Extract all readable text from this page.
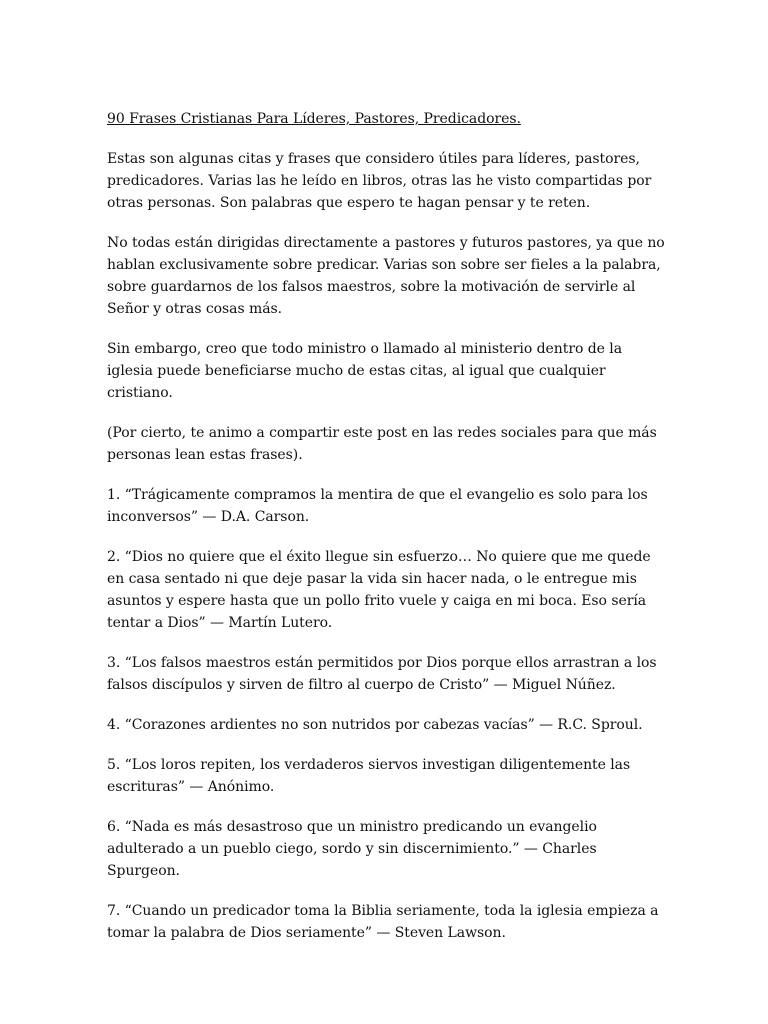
90 Frases Cristianas Para Líderes, Pastores, Predicadores.

Estas son algunas citas y frases que considero útiles para líderes, pastores, predicadores. Varias las he leído en libros, otras las he visto compartidas por otras personas. Son palabras que espero te hagan pensar y te reten.

No todas están dirigidas directamente a pastores y futuros pastores, ya que no hablan exclusivamente sobre predicar. Varias son sobre ser fieles a la palabra, sobre guardarnos de los falsos maestros, sobre la motivación de servirle al Señor y otras cosas más.

Sin embargo, creo que todo ministro o llamado al ministerio dentro de la iglesia puede beneficiarse mucho de estas citas, al igual que cualquier cristiano.

(Por cierto, te animo a compartir este post en las redes sociales para que más personas lean estas frases).

1. “Trágicamente compramos la mentira de que el evangelio es solo para los inconversos” — D.A. Carson.

2. “Dios no quiere que el éxito llegue sin esfuerzo… No quiere que me quede en casa sentado ni que deje pasar la vida sin hacer nada, o le entregue mis asuntos y espere hasta que un pollo frito vuele y caiga en mi boca. Eso sería tentar a Dios” — Martín Lutero.

3. “Los falsos maestros están permitidos por Dios porque ellos arrastran a los falsos discípulos y sirven de filtro al cuerpo de Cristo” — Miguel Núñez.

4. “Corazones ardientes no son nutridos por cabezas vacías” — R.C. Sproul.

5. “Los loros repiten, los verdaderos siervos investigan diligentemente las escrituras” — Anónimo.

6. “Nada es más desastroso que un ministro predicando un evangelio adulterado a un pueblo ciego, sordo y sin discernimiento.” — Charles Spurgeon.

7. “Cuando un predicador toma la Biblia seriamente, toda la iglesia empieza a tomar la palabra de Dios seriamente” — Steven Lawson.
